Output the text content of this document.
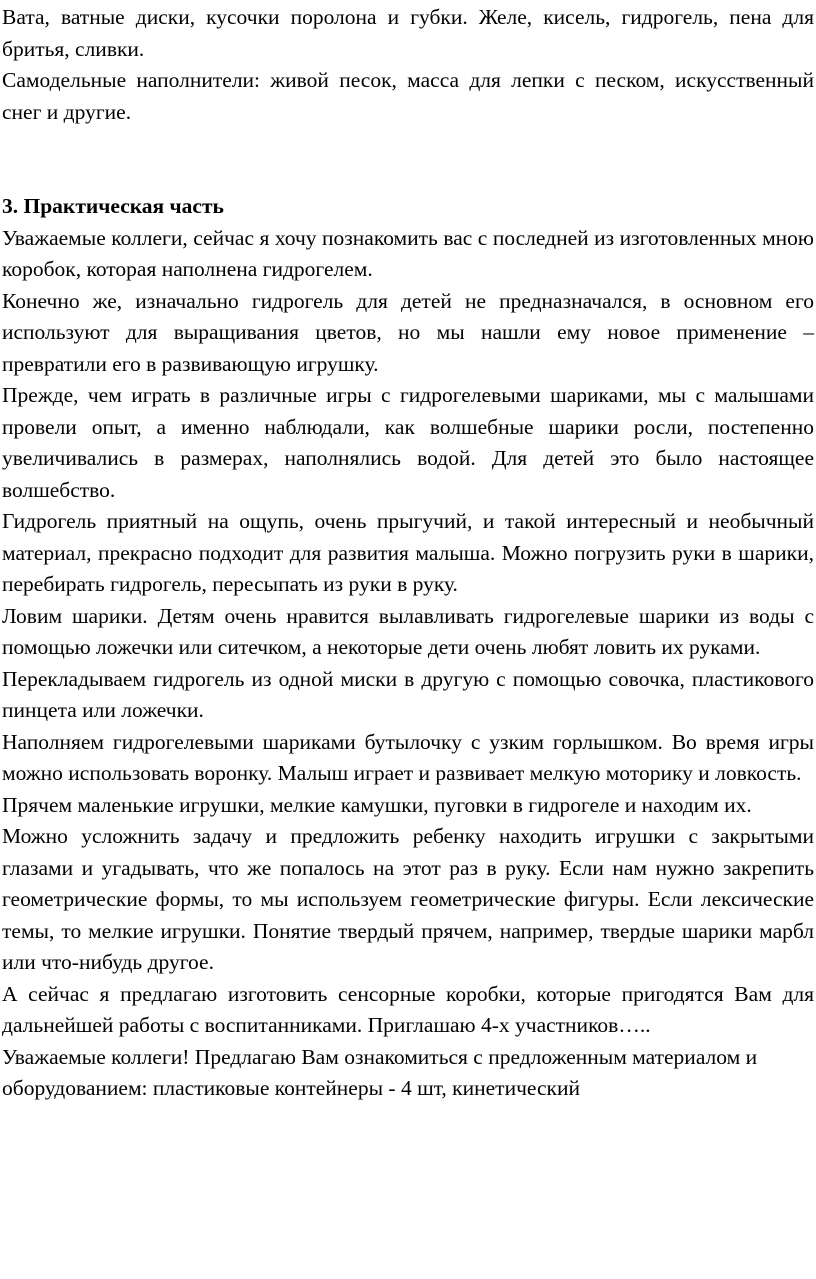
Вата, ватные диски, кусочки поролона и губки. Желе, кисель, гидрогель, пена для бритья, сливки.

Самодельные наполнители: живой песок, масса для лепки с песком, искусственный снег и другие.

3. Практическая часть

Уважаемые коллеги, сейчас я хочу познакомить вас с последней из изготовленных мною коробок, которая наполнена гидрогелем.

Конечно же, изначально гидрогель для детей не предназначался, в основном его используют для выращивания цветов, но мы нашли ему новое применение – превратили его в развивающую игрушку.

Прежде, чем играть в различные игры с гидрогелевыми шариками, мы с малышами провели опыт, а именно наблюдали, как волшебные шарики росли, постепенно увеличивались в размерах, наполнялись водой. Для детей это было настоящее волшебство.

Гидрогель приятный на ощупь, очень прыгучий, и такой интересный и необычный материал, прекрасно подходит для развития малыша. Можно погрузить руки в шарики, перебирать гидрогель, пересыпать из руки в руку.

Ловим шарики. Детям очень нравится вылавливать гидрогелевые шарики из воды с помощью ложечки или ситечком, а некоторые дети очень любят ловить их руками.

Перекладываем гидрогель из одной миски в другую с помощью совочка, пластикового пинцета или ложечки.

Наполняем гидрогелевыми шариками бутылочку с узким горлышком. Во время игры можно использовать воронку. Малыш играет и развивает мелкую моторику и ловкость.

Прячем маленькие игрушки, мелкие камушки, пуговки в гидрогеле и находим их.

Можно усложнить задачу и предложить ребенку находить игрушки с закрытыми глазами и угадывать, что же попалось на этот раз в руку. Если нам нужно закрепить геометрические формы, то мы используем геометрические фигуры. Если лексические темы, то мелкие игрушки. Понятие твердый прячем, например, твердые шарики марбл или что-нибудь другое.

А сейчас я предлагаю изготовить сенсорные коробки, которые пригодятся Вам для дальнейшей работы с воспитанниками. Приглашаю 4-х участников…..

Уважаемые коллеги! Предлагаю Вам ознакомиться с предложенным материалом и оборудованием: пластиковые контейнеры - 4 шт, кинетический
